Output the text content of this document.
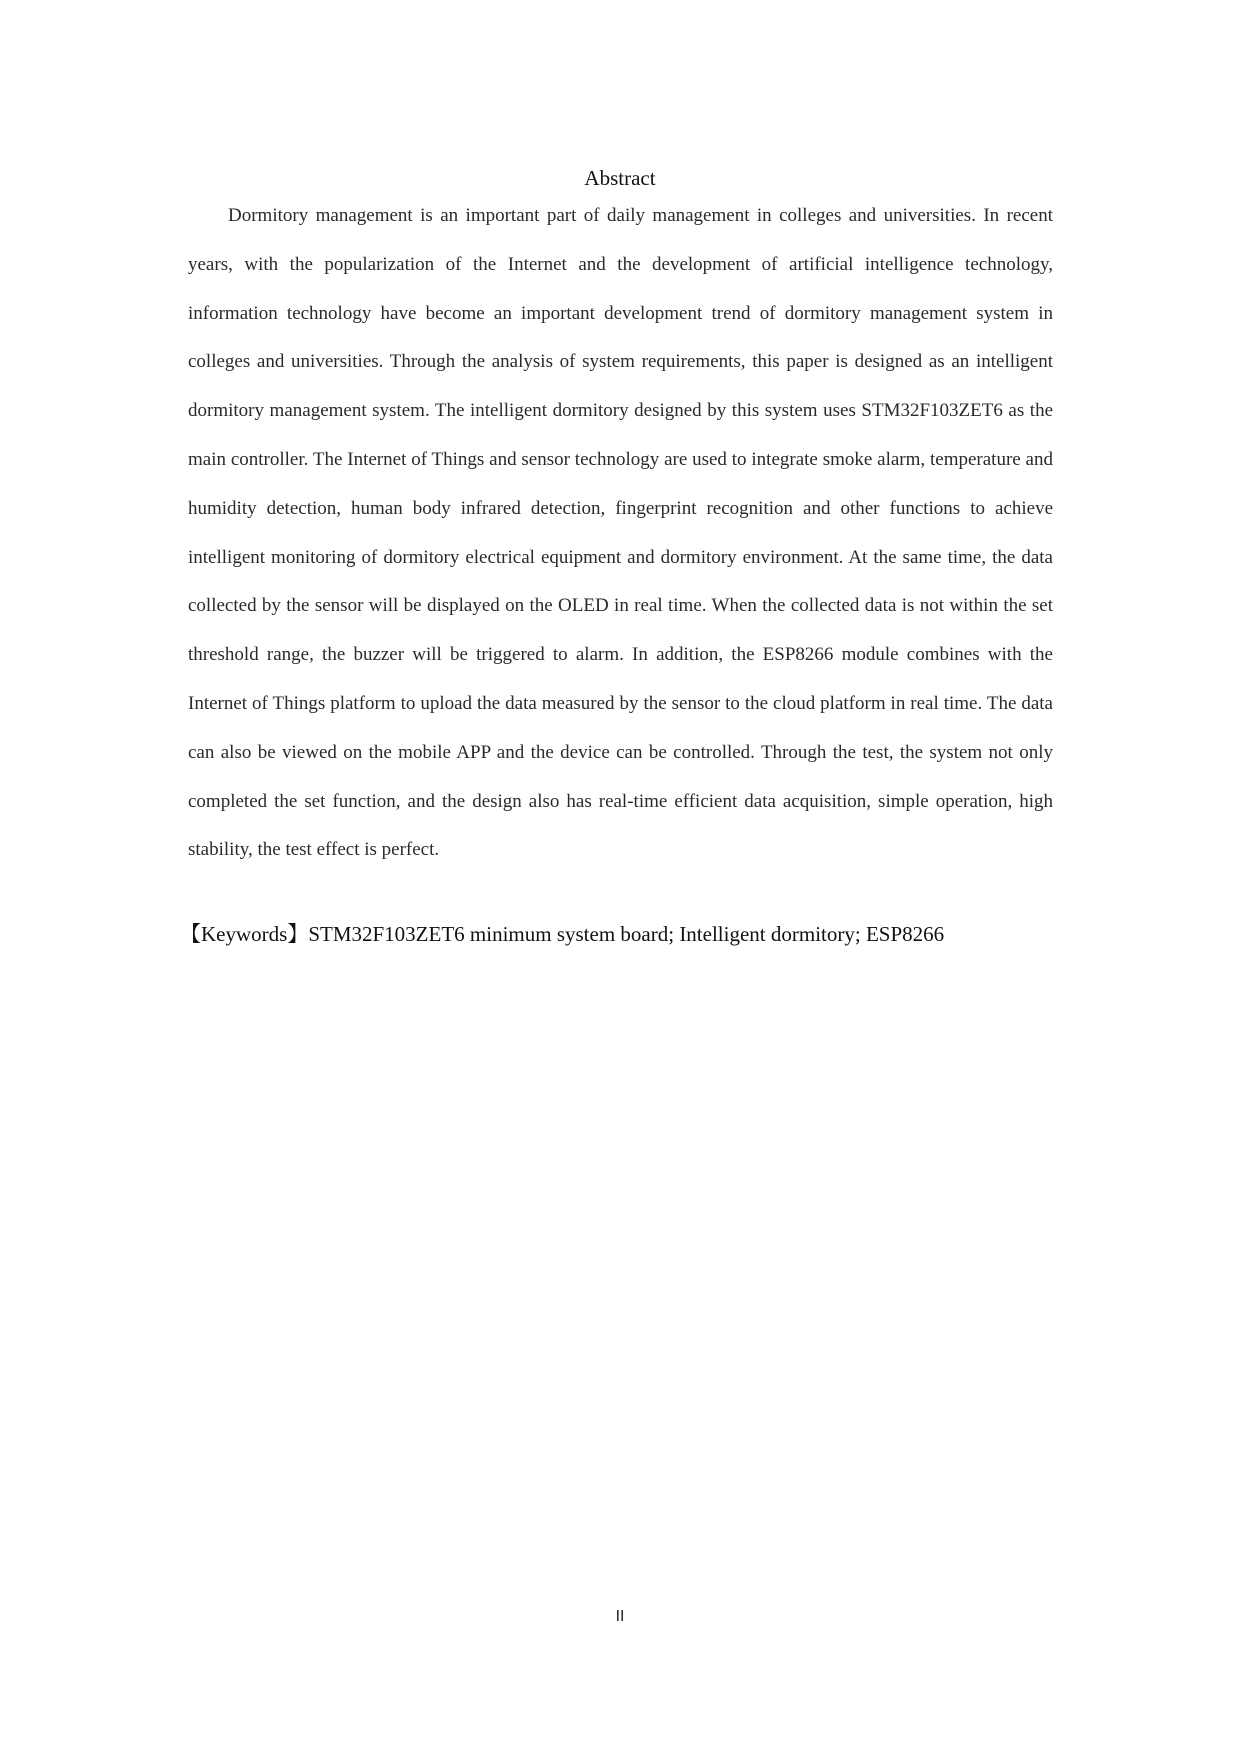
Abstract

Dormitory management is an important part of daily management in colleges and universities. In recent years, with the popularization of the Internet and the development of artificial intelligence technology, information technology have become an important development trend of dormitory management system in colleges and universities. Through the analysis of system requirements, this paper is designed as an intelligent dormitory management system. The intelligent dormitory designed by this system uses STM32F103ZET6 as the main controller. The Internet of Things and sensor technology are used to integrate smoke alarm, temperature and humidity detection, human body infrared detection, fingerprint recognition and other functions to achieve intelligent monitoring of dormitory electrical equipment and dormitory environment. At the same time, the data collected by the sensor will be displayed on the OLED in real time. When the collected data is not within the set threshold range, the buzzer will be triggered to alarm. In addition, the ESP8266 module combines with the Internet of Things platform to upload the data measured by the sensor to the cloud platform in real time. The data can also be viewed on the mobile APP and the device can be controlled. Through the test, the system not only completed the set function, and the design also has real-time efficient data acquisition, simple operation, high stability, the test effect is perfect.

【Keywords】STM32F103ZET6 minimum system board; Intelligent dormitory; ESP8266
II
